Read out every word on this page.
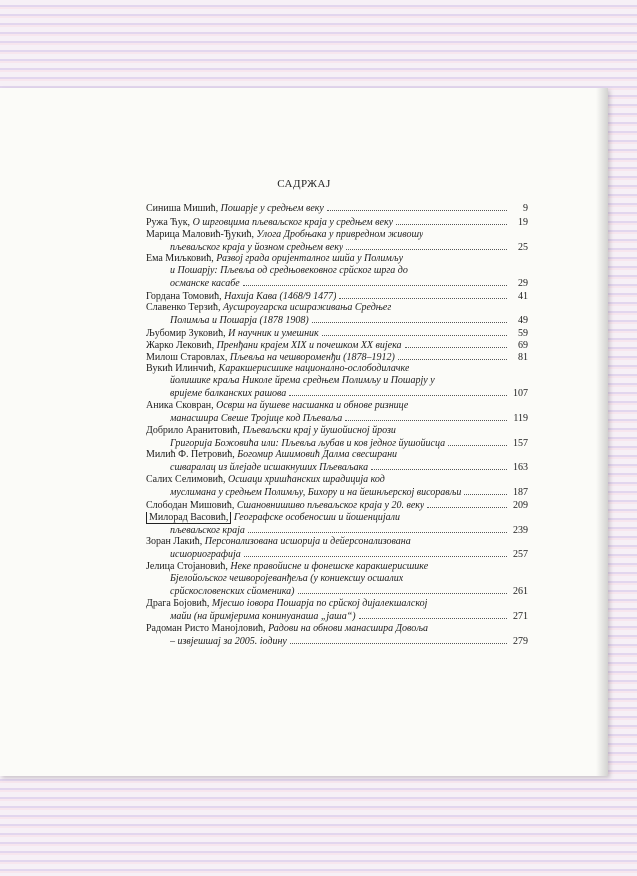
САДРЖАЈ
Синиша Мишић, Пошарје у средњем веку	9
Ружа Ћук, О шрговцима пљеваљског краја у средњем веку	19
Марица Маловић-Ђукић, Улога Дробњака у привредном живошу
пљеваљског краја у йозном средњем веку	25
Ема Миљковић, Развој града оријенталног шийа у Полимљу
и Пошарју: Пљевља од средњовековног срйског шрга до
османске касабе	29
Гордана Томовић, Нахија Кава (1468/9 1477)	41
Славенко Терзић, Аусшроугарска исшраживања Средњег
Полимља и Пошарја (1878 1908)	49
Љубомир Зуковић, И научник и умешник	59
Жарко Лековић, Пренђани крајем XIX и почешком XX вијека	69
Милош Старовлах, Пљевља на чешвороменђи (1878–1912)	81
Вукић Илинчић, Каракшерисшике национално-ослободилачке
йолишике краља Николе йрема средњем Полимљу и Пошарју у
вријеме балканских рашова	107
Аника Сковран, Осврш на йушеве насшанка и обнове ризнице
манасшира Свеше Тројице код Пљеваља	119
Добрило Аранитовић, Пљеваљски крај у йушойисној йрози
Григорија Божовића или: Пљевља љубав и ков једног йушойисца	157
Милић Ф. Петровић, Богомир Ашимовић Далма свесшрани
сшваралац из йлејаде исшакнуших Пљеваљака	163
Салих Селимовић, Осшаци хришћанских шрадиција код
муслимана у средњем Полимљу, Бихору и на йешнљерској висорављи	187
Слободан Мишовић, Сшановнишшво пљеваљског краја у 20. веку	209
Милорад Васовић, Географске особеносши и йошенцијали
пљеваљског краја	239
Зоран Лакић, Персонализована исшорија и дейерсонализована
исшориографија	257
Јелица Стојановић, Неке правойисне и фонешске каракшерисшике
Бјелойољског чешворојеванђеља (у кониексшу осшалих
срйскословенских сйоменика)	261
Драга Бојовић, Мјесшо іовора Пошарја по срйској дијалекшалској
майи (на йримјерима конинуанаша „јаша“)	271
Радоман Ристо Манојловић, Радови на обнови манасшира Довоља
– извјешшај за 2005. іодину	279
